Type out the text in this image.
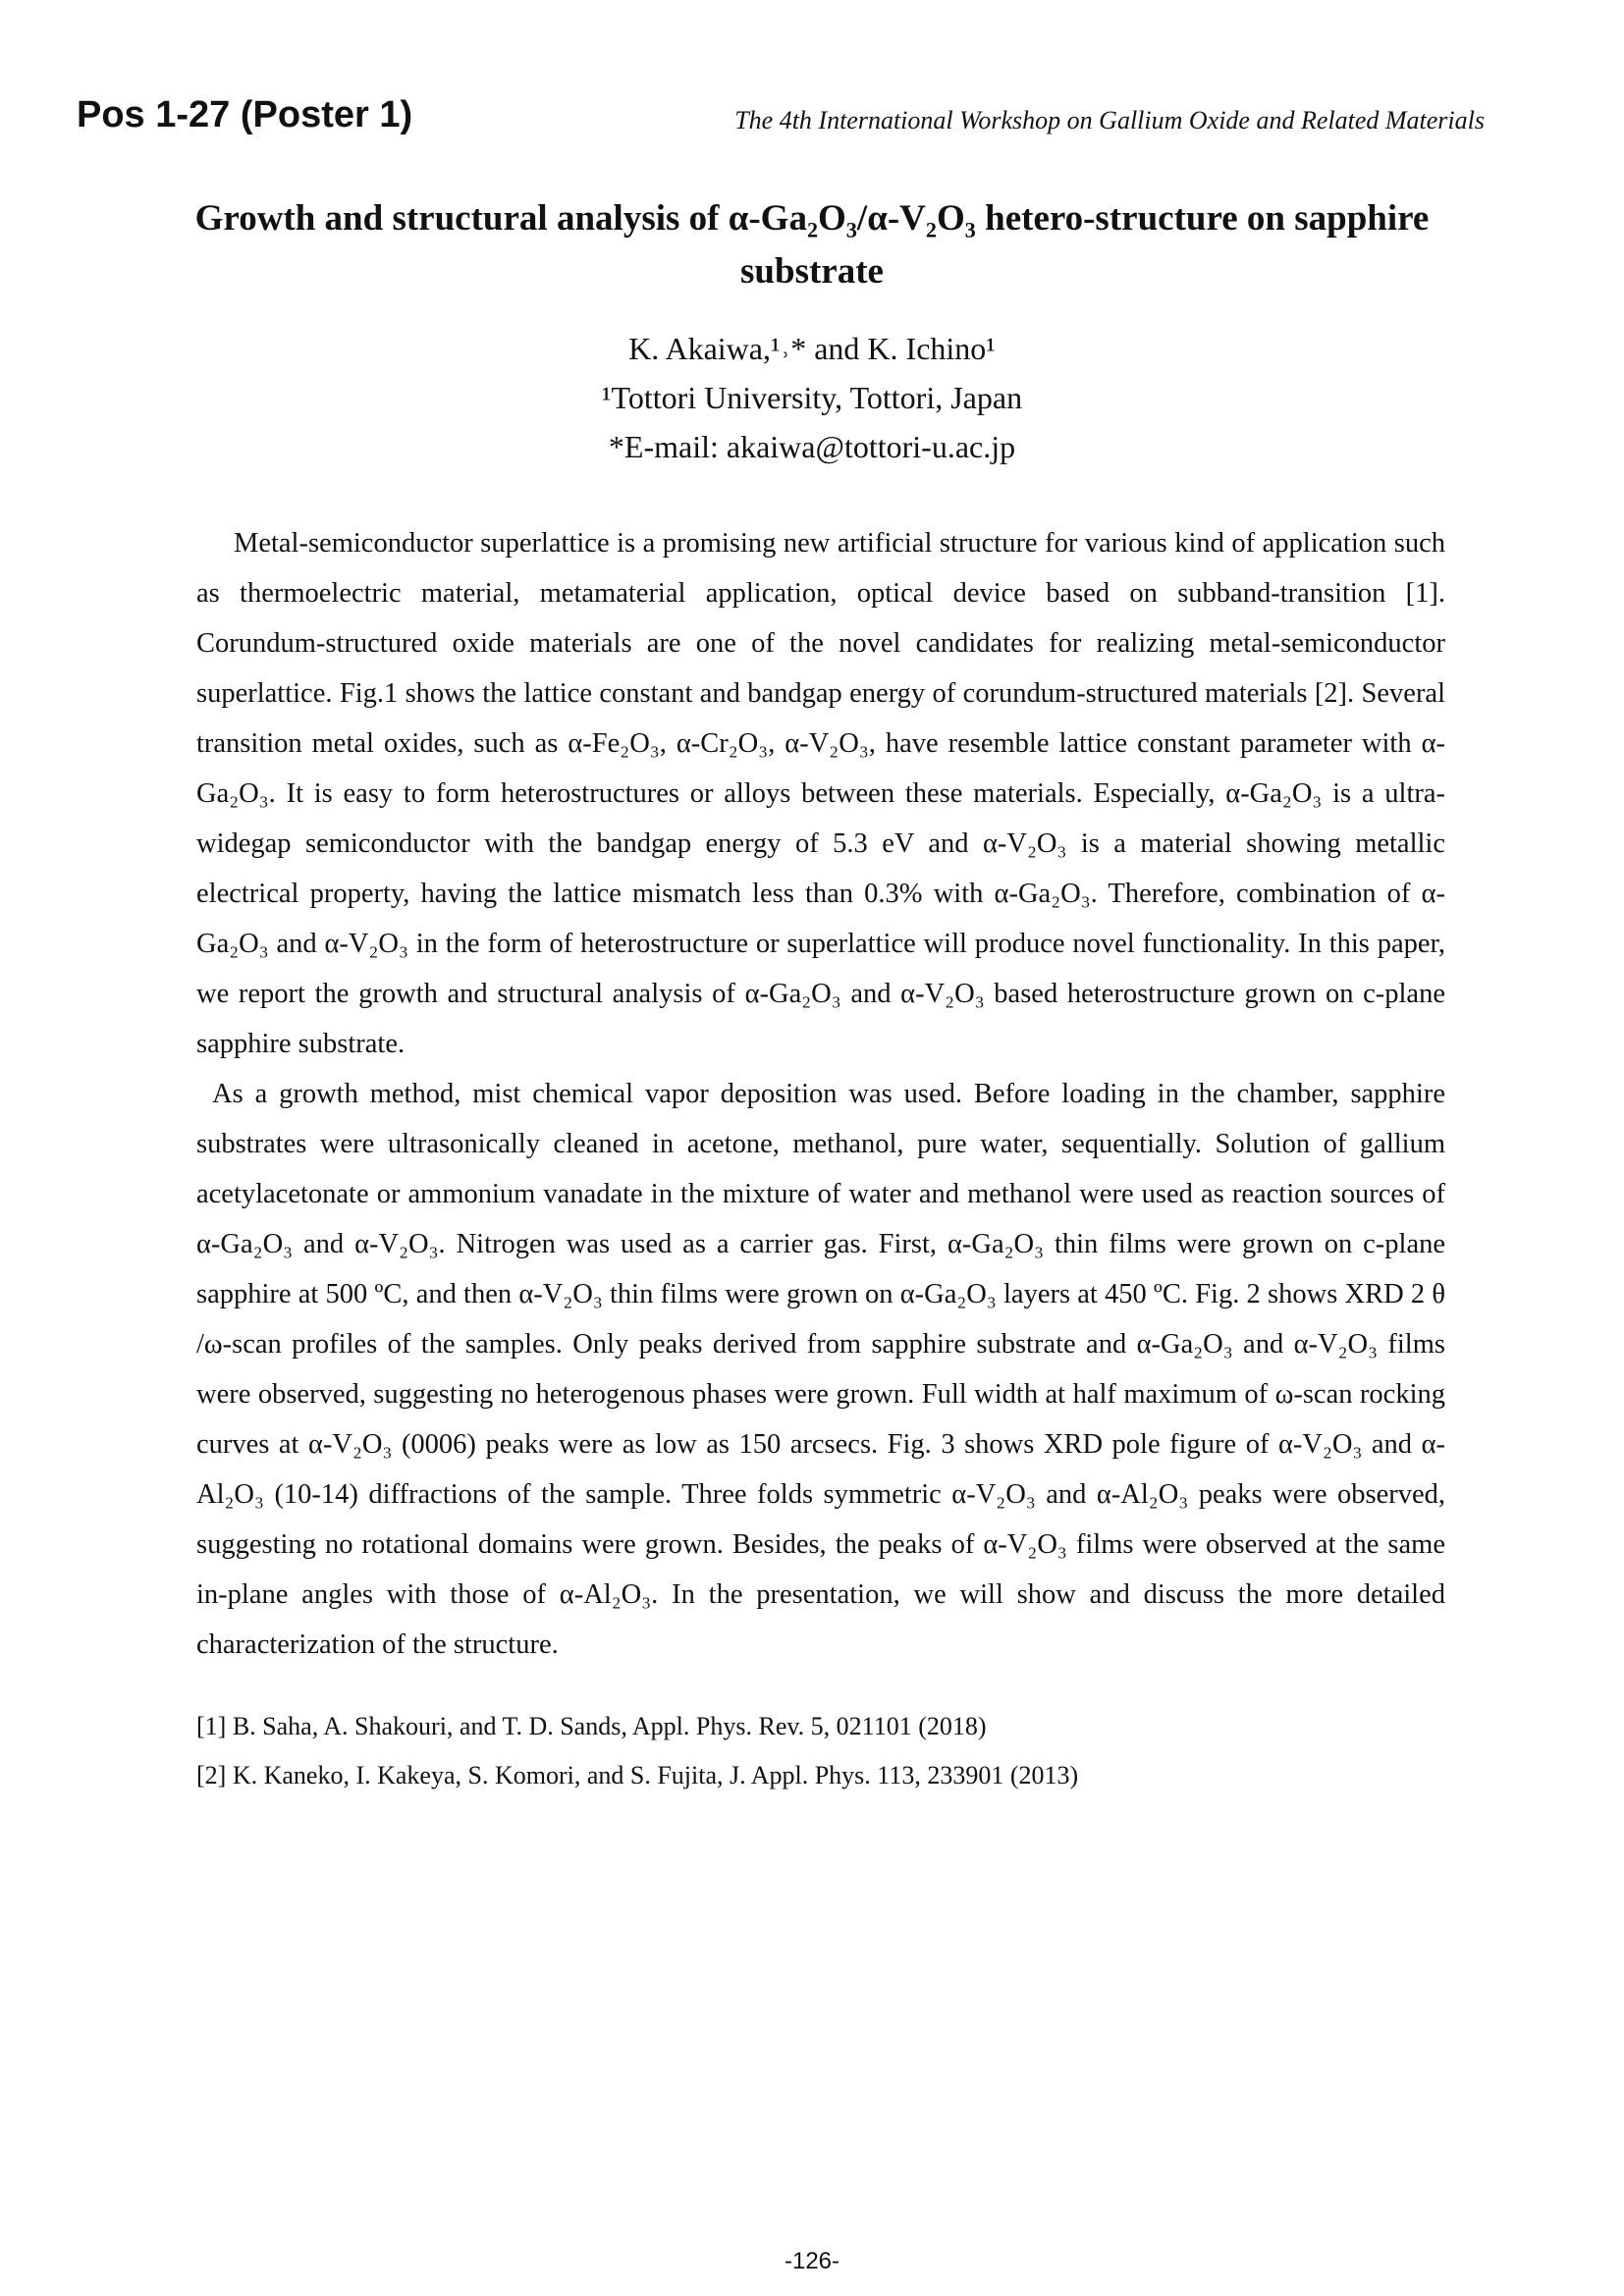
Pos 1-27 (Poster 1)	The 4th International Workshop on Gallium Oxide and Related Materials
Growth and structural analysis of α-Ga₂O₃/α-V₂O₃ hetero-structure on sapphire substrate
K. Akaiwa,¹˒* and K. Ichino¹
¹Tottori University, Tottori, Japan
*E-mail: akaiwa@tottori-u.ac.jp

Metal-semiconductor superlattice is a promising new artificial structure for various kind of application such as thermoelectric material, metamaterial application, optical device based on subband-transition [1]. Corundum-structured oxide materials are one of the novel candidates for realizing metal-semiconductor superlattice. Fig.1 shows the lattice constant and bandgap energy of corundum-structured materials [2]. Several transition metal oxides, such as α-Fe₂O₃, α-Cr₂O₃, α-V₂O₃, have resemble lattice constant parameter with α-Ga₂O₃. It is easy to form heterostructures or alloys between these materials. Especially, α-Ga₂O₃ is a ultra-widegap semiconductor with the bandgap energy of 5.3 eV and α-V₂O₃ is a material showing metallic electrical property, having the lattice mismatch less than 0.3% with α-Ga₂O₃. Therefore, combination of α-Ga₂O₃ and α-V₂O₃ in the form of heterostructure or superlattice will produce novel functionality. In this paper, we report the growth and structural analysis of α-Ga₂O₃ and α-V₂O₃ based heterostructure grown on c-plane sapphire substrate.

As a growth method, mist chemical vapor deposition was used. Before loading in the chamber, sapphire substrates were ultrasonically cleaned in acetone, methanol, pure water, sequentially. Solution of gallium acetylacetonate or ammonium vanadate in the mixture of water and methanol were used as reaction sources of α-Ga₂O₃ and α-V₂O₃. Nitrogen was used as a carrier gas. First, α-Ga₂O₃ thin films were grown on c-plane sapphire at 500 ºC, and then α-V₂O₃ thin films were grown on α-Ga₂O₃ layers at 450 ºC. Fig. 2 shows XRD 2 θ /ω-scan profiles of the samples. Only peaks derived from sapphire substrate and α-Ga₂O₃ and α-V₂O₃ films were observed, suggesting no heterogenous phases were grown. Full width at half maximum of ω-scan rocking curves at α-V₂O₃ (0006) peaks were as low as 150 arcsecs. Fig. 3 shows XRD pole figure of α-V₂O₃ and α-Al₂O₃ (10-14) diffractions of the sample. Three folds symmetric α-V₂O₃ and α-Al₂O₃ peaks were observed, suggesting no rotational domains were grown. Besides, the peaks of α-V₂O₃ films were observed at the same in-plane angles with those of α-Al₂O₃. In the presentation, we will show and discuss the more detailed characterization of the structure.

[1] B. Saha, A. Shakouri, and T. D. Sands, Appl. Phys. Rev. 5, 021101 (2018)
[2] K. Kaneko, I. Kakeya, S. Komori, and S. Fujita, J. Appl. Phys. 113, 233901 (2013)
-126-
